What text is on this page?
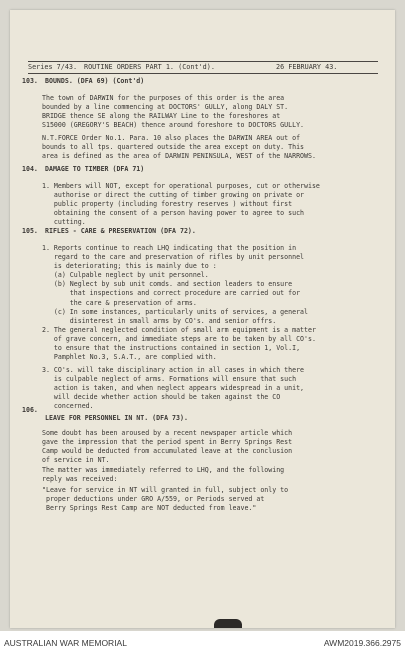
Series 7/43. ROUTINE ORDERS PART 1. (Cont'd).	26 FEBRUARY 43.

103. BOUNDS. (DFA 69) (Cont'd)

The town of DARWIN for the purposes of this order is the area
bounded by a line commencing at DOCTORS' GULLY, along DALY ST.
BRIDGE thence SE along the RAILWAY Line to the foreshores at
S15000 (GREGORY'S BEACH) thence around foreshore to DOCTORS GULLY.

N.T.FORCE Order No.1. Para. 10 also places the DARWIN AREA out of
bounds to all tps. quartered outside the area except on duty. This
area is defined as the area of DARWIN PENINSULA, WEST of the NARROWS.

104. DAMAGE TO TIMBER (DFA 71)

1. Members will NOT, except for operational purposes, cut or otherwise
authorise or direct the cutting of timber growing on private or
public property (including forestry reserves ) without first
obtaining the consent of a person having power to agree to such
cutting.

105. RIFLES - CARE & PRESERVATION (DFA 72).

1. Reports continue to reach LHQ indicating that the position in
regard to the care and preservation of rifles by unit personnel
is deteriorating; this is mainly due to :
(a) Culpable neglect by unit personnel.
(b) Neglect by sub unit comds. and section leaders to ensure
that inspections and correct procedure are carried out for
the care & preservation of arms.
(c) In some instances, particularly units of services, a general
disinterest in small arms by CO's. and senior offrs.

2. The general neglected condition of small arm equipment is a matter
of grave concern, and immediate steps are to be taken by all CO's.
to ensure that the instructions contained in section 1, Vol.I,
Pamphlet No.3, S.A.T., are complied with.

3. CO's. will take disciplinary action in all cases in which there
is culpable neglect of arms. Formations will ensure that such
action is taken, and when neglect appears widespread in a unit,
will decide whether action should be taken against the CO
concerned.

106.

LEAVE FOR PERSONNEL IN NT. (DFA 73).

Some doubt has been aroused by a recent newspaper article which
gave the impression that the period spent in Berry Springs Rest
Camp would be deducted from accumulated leave at the conclusion
of service in NT.

The matter was immediately referred to LHQ, and the following
reply was received:

"Leave for service in NT will granted in full, subject only to
proper deductions under GRO A/559, or Periods served at
Berry Springs Rest Camp are NOT deducted from leave."

AUSTRALIAN WAR MEMORIAL	AWM2019.366.2975
